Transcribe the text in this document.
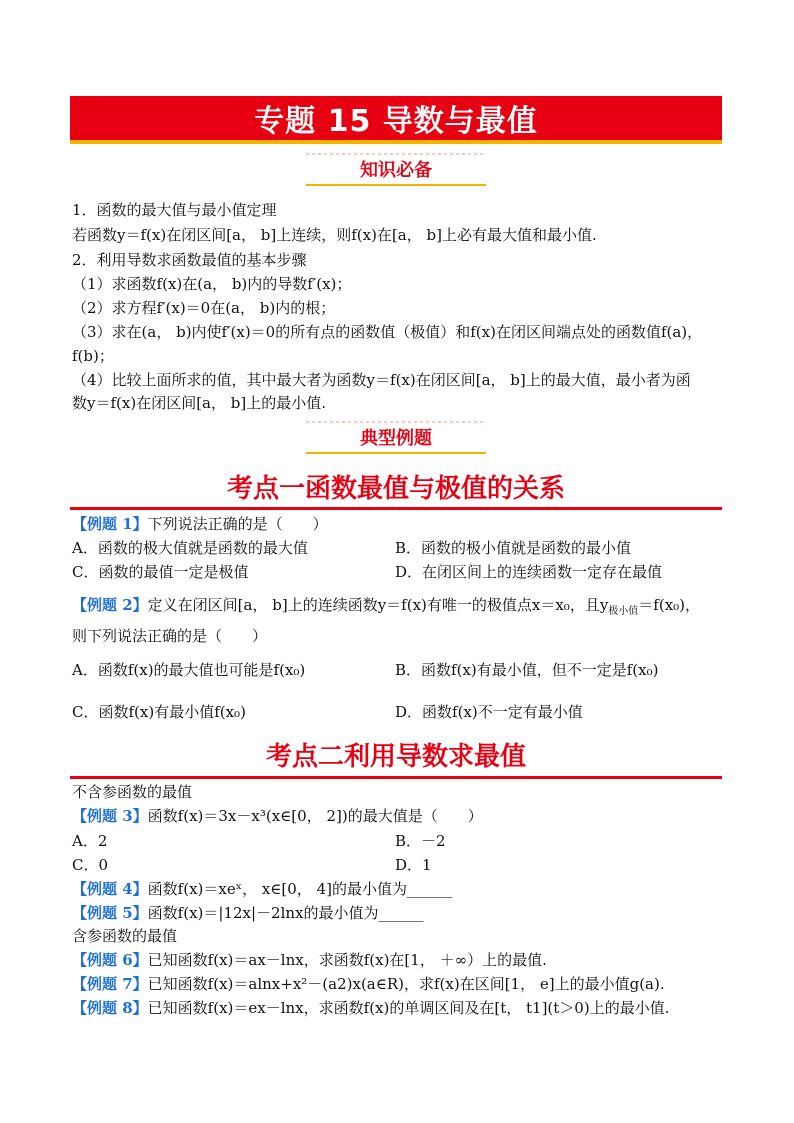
专题 15 导数与最值
知识必备
1．函数的最大值与最小值定理
若函数y＝f(x)在闭区间[a， b]上连续，则f(x)在[a， b]上必有最大值和最小值.
2．利用导数求函数最值的基本步骤
（1）求函数f(x)在(a， b)内的导数f′(x)；
（2）求方程f′(x)＝0在(a， b)内的根；
（3）求在(a， b)内使f′(x)＝0的所有点的函数值（极值）和f(x)在闭区间端点处的函数值f(a)，
f(b)；
（4）比较上面所求的值，其中最大者为函数y＝f(x)在闭区间[a， b]上的最大值，最小者为函
数y＝f(x)在闭区间[a， b]上的最小值.
典型例题
考点一函数最值与极值的关系
【例题 1】下列说法正确的是（　　）
A．函数的极大值就是函数的最大值	B．函数的极小值就是函数的最小值
C．函数的最值一定是极值	D．在闭区间上的连续函数一定存在最值
【例题 2】定义在闭区间[a， b]上的连续函数y＝f(x)有唯一的极值点x＝x₀，且$y_{极小值}=f(x_0)$，
则下列说法正确的是（　　）
A．函数f(x)的最大值也可能是f(x₀)	B．函数f(x)有最小值，但不一定是f(x₀)
C．函数f(x)有最小值f(x₀)	D．函数f(x)不一定有最小值
考点二利用导数求最值
不含参函数的最值
【例题 3】函数f(x)＝3x－x³(x∈[0， 2])的最大值是（　　）
A．2	B．－2
C．0	D．1
【例题 4】函数f(x)＝xeˣ， x∈[0， 4]的最小值为______
【例题 5】函数f(x)＝|12x|－2lnx的最小值为______
含参函数的最值
【例题 6】已知函数f(x)＝ax－lnx，求函数f(x)在[1， ＋∞）上的最值.
【例题 7】已知函数f(x)＝alnx+x²－(a2)x(a∈R)，求f(x)在区间[1， e]上的最小值g(a).
【例题 8】已知函数f(x)＝ex－lnx，求函数f(x)的单调区间及在[t， t1](t＞0)上的最小值.
